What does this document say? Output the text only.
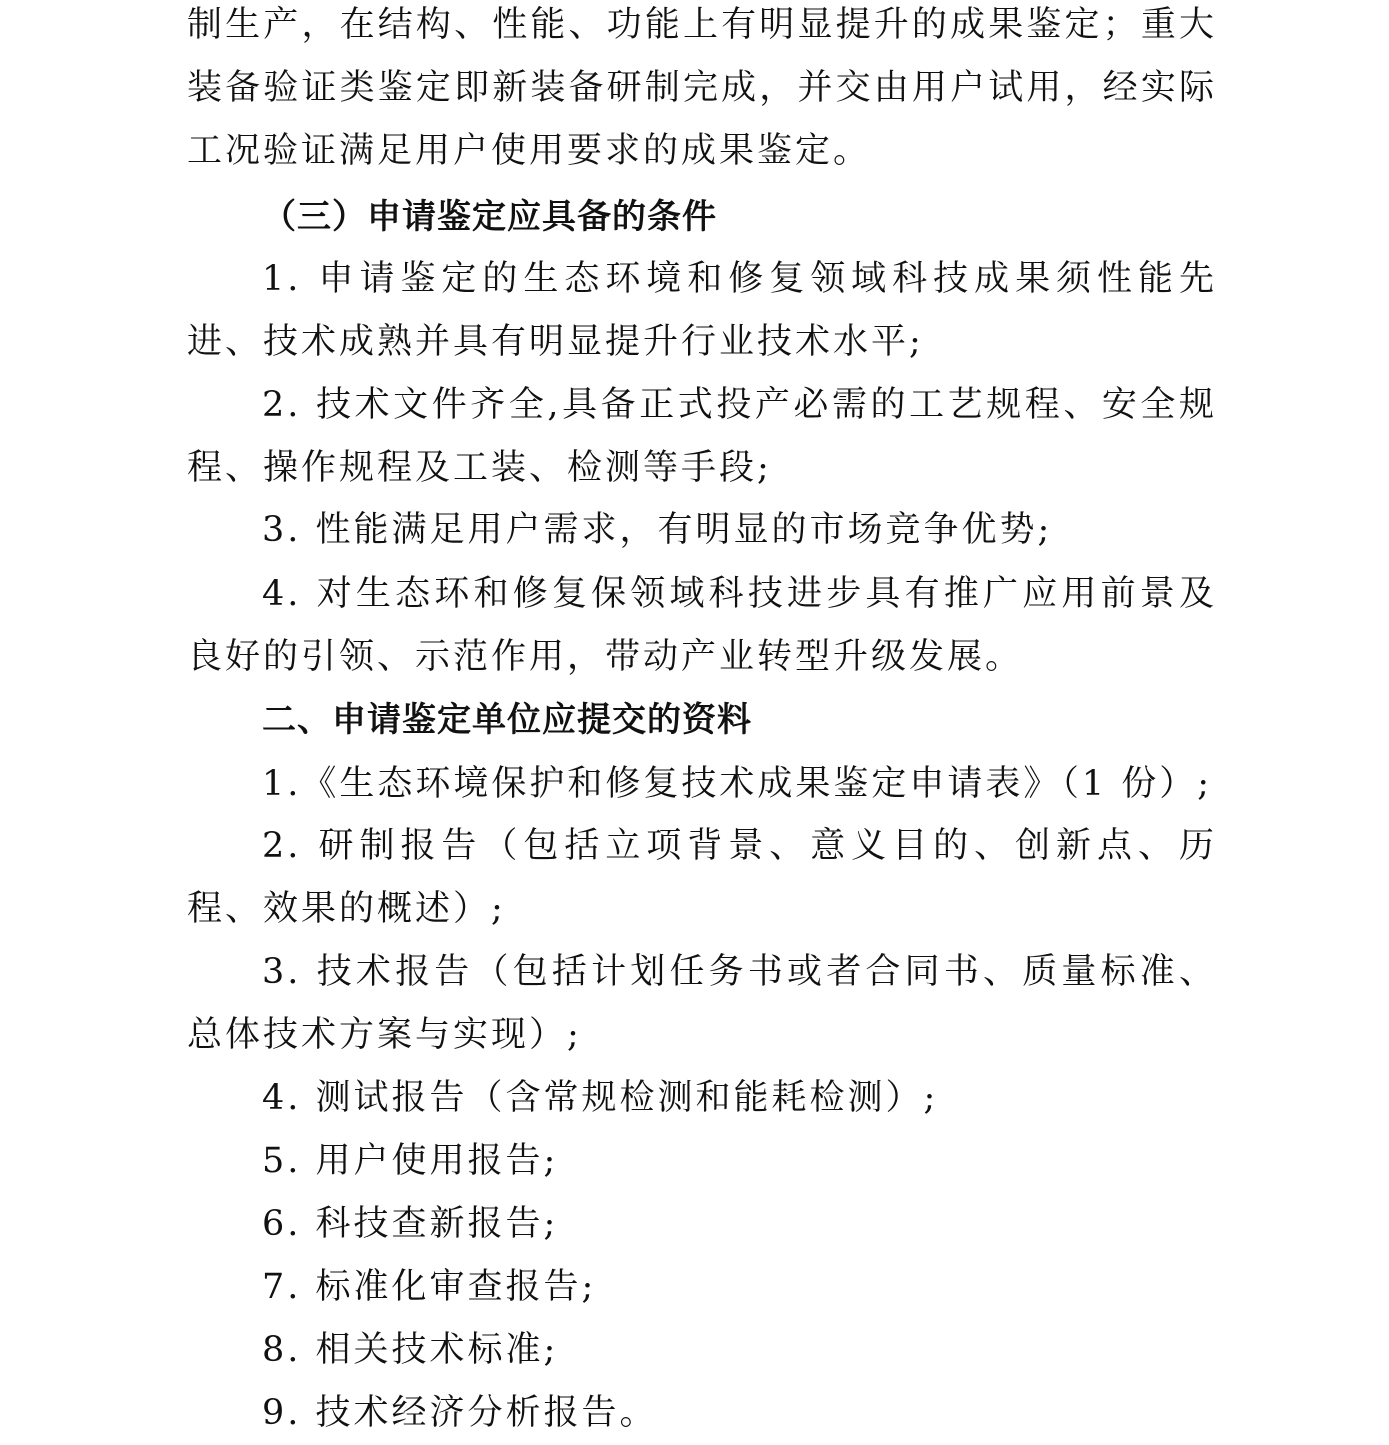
制生产，在结构、性能、功能上有明显提升的成果鉴定；重大装备验证类鉴定即新装备研制完成，并交由用户试用，经实际工况验证满足用户使用要求的成果鉴定。

（三）申请鉴定应具备的条件

1. 申请鉴定的生态环境和修复领域科技成果须性能先进、技术成熟并具有明显提升行业技术水平;

2. 技术文件齐全,具备正式投产必需的工艺规程、安全规程、操作规程及工装、检测等手段;

3. 性能满足用户需求，有明显的市场竞争优势;

4. 对生态环和修复保领域科技进步具有推广应用前景及良好的引领、示范作用，带动产业转型升级发展。

二、申请鉴定单位应提交的资料

1.《生态环境保护和修复技术成果鉴定申请表》（1 份）;

2. 研制报告（包括立项背景、意义目的、创新点、历程、效果的概述）;

3. 技术报告（包括计划任务书或者合同书、质量标准、总体技术方案与实现）;

4. 测试报告（含常规检测和能耗检测）;

5. 用户使用报告;

6. 科技查新报告;

7. 标准化审查报告;

8. 相关技术标准;

9. 技术经济分析报告。
